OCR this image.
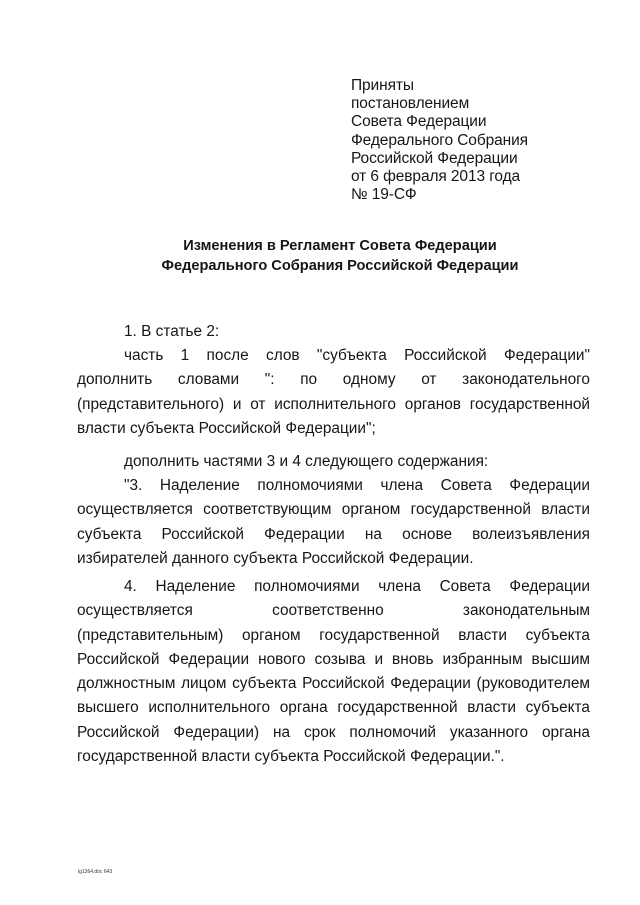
Приняты
постановлением
Совета Федерации
Федерального Собрания
Российской Федерации
от 6 февраля 2013 года
№ 19-СФ
Изменения в Регламент Совета Федерации
Федерального Собрания Российской Федерации

1. В статье 2:

часть 1 после слов "субъекта Российской Федерации" дополнить словами ": по одному от законодательного (представительного) и от исполнительного органов государственной власти субъекта Российской Федерации";

дополнить частями 3 и 4 следующего содержания:

"3. Наделение полномочиями члена Совета Федерации осуществляется соответствующим органом государственной власти субъекта Российской Федерации на основе волеизъявления избирателей данного субъекта Российской Федерации.

4. Наделение полномочиями члена Совета Федерации осуществляется соответственно законодательным (представительным) органом государственной власти субъекта Российской Федерации нового созыва и вновь избранным высшим должностным лицом субъекта Российской Федерации (руководителем высшего исполнительного органа государственной власти субъекта Российской Федерации) на срок полномочий указанного органа государственной власти субъекта Российской Федерации.".

lg1364.doc 643
